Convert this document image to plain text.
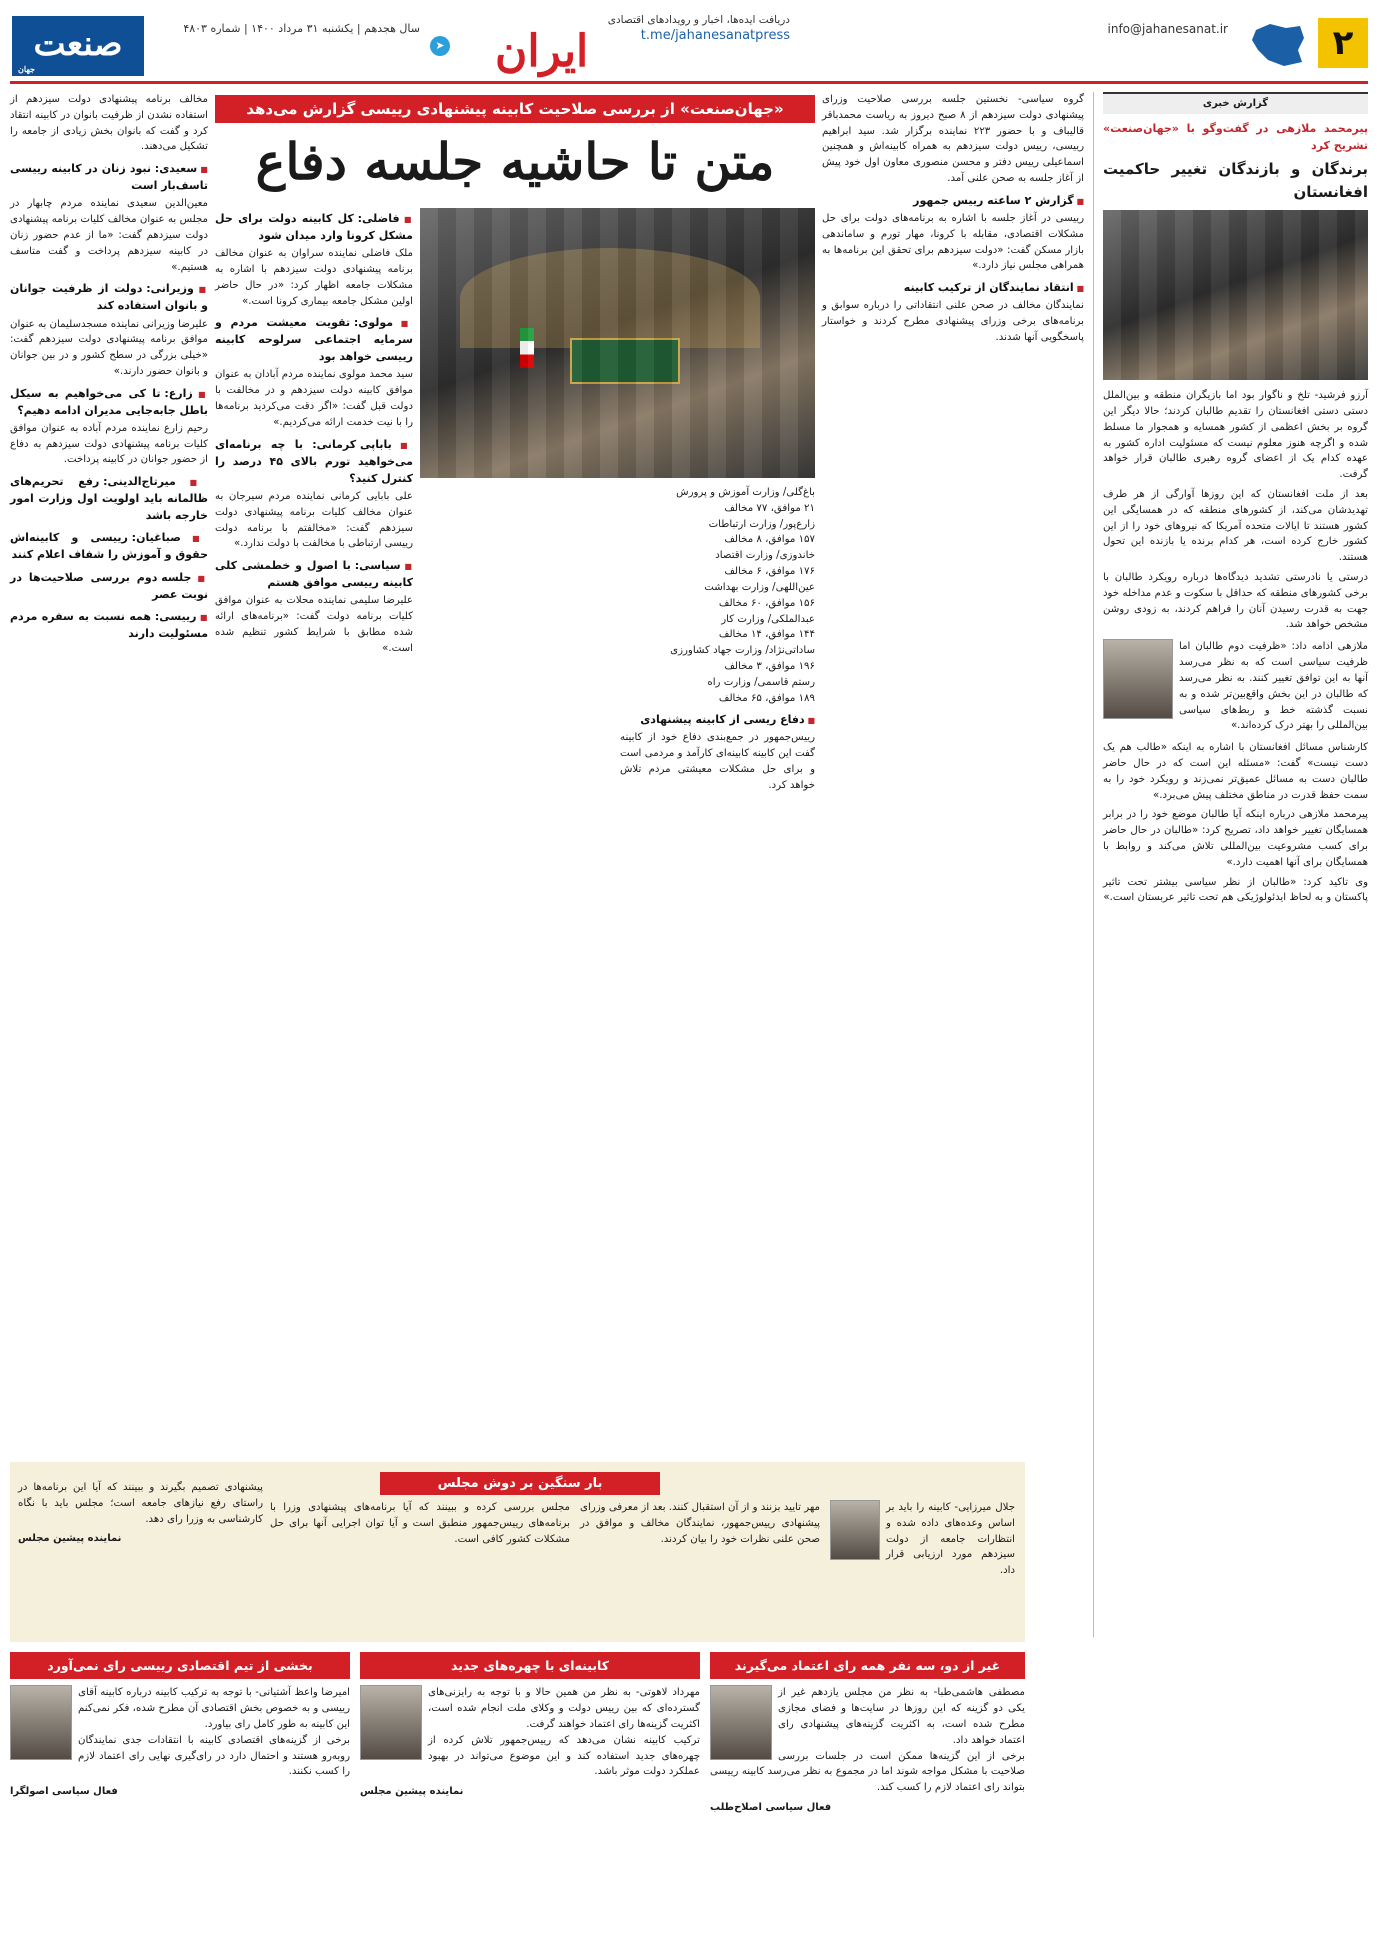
۲
info@jahanesanat.ir
ایران
دریافت ایده‌ها، اخبار و رویدادهای اقتصادی
t.me/jahanesanatpress
➤
سال هجدهم | یکشنبه ۳۱ مرداد ۱۴۰۰ | شماره ۴۸۰۳
صنعت
جهان
گزارش خبری
پیرمحمد ملازهی در گفت‌وگو با «جهان‌صنعت» تشریح کرد
برندگان و بازندگان تغییر حاکمیت افغانستان

آرزو فرشید- تلخ و ناگوار بود اما بازیگران منطقه و بین‌الملل دستی دستی افغانستان را تقدیم طالبان کردند؛ حالا دیگر این گروه بر بخش اعظمی از کشور همسایه و همجوار ما مسلط شده و اگرچه هنوز معلوم نیست که مسئولیت اداره کشور به عهده کدام یک از اعضای گروه رهبری طالبان قرار خواهد گرفت.

بعد از ملت افغانستان که این روزها آوارگی از هر طرف تهدیدشان می‌کند، از کشورهای منطقه که در همسایگی این کشور هستند تا ایالات متحده آمریکا که نیروهای خود را از این کشور خارج کرده است، هر کدام برنده یا بازنده این تحول هستند.

درستی یا نادرستی تشدید دیدگاه‌ها درباره رویکرد طالبان با برخی کشورهای منطقه که حداقل با سکوت و عدم مداخله خود جهت به قدرت رسیدن آنان را فراهم کردند، به زودی روشن مشخص خواهد شد.

ملازهی ادامه داد: «ظرفیت دوم طالبان اما ظرفیت سیاسی است که به نظر می‌رسد آنها به این توافق تغییر کنند. به نظر می‌رسد که طالبان در این بخش واقع‌بین‌تر شده و به نسبت گذشته خط و ربط‌های سیاسی بین‌المللی را بهتر درک کرده‌اند.»

کارشناس مسائل افغانستان با اشاره به اینکه «طالب هم یک دست نیست» گفت: «مسئله این است که در حال حاضر طالبان دست به مسائل عمیق‌تر نمی‌زند و رویکرد خود را به سمت حفظ قدرت در مناطق مختلف پیش می‌برد.»

پیرمحمد ملازهی درباره اینکه آیا طالبان موضع خود را در برابر همسایگان تغییر خواهد داد، تصریح کرد: «طالبان در حال حاضر برای کسب مشروعیت بین‌المللی تلاش می‌کند و روابط با همسایگان برای آنها اهمیت دارد.»

وی تاکید کرد: «طالبان از نظر سیاسی بیشتر تحت تاثیر پاکستان و به لحاظ ایدئولوژیکی هم تحت تاثیر عربستان است.»

«جهان‌صنعت» از بررسی صلاحیت کابینه پیشنهادی رییسی گزارش می‌دهد
متن تا حاشیه جلسه دفاع

گروه سیاسی- نخستین جلسه بررسی صلاحیت وزرای پیشنهادی دولت سیزدهم از ۸ صبح دیروز به ریاست محمدباقر قالیباف و با حضور ۲۲۳ نماینده برگزار شد. سید ابراهیم رییسی، رییس دولت سیزدهم به همراه کابینه‌اش و همچنین اسماعیلی رییس دفتر و محسن منصوری معاون اول خود پیش از آغاز جلسه به صحن علنی آمد.

■ گزارش ۲ ساعته رییس جمهور

رییسی در آغاز جلسه با اشاره به برنامه‌های دولت برای حل مشکلات اقتصادی، مقابله با کرونا، مهار تورم و ساماندهی بازار مسکن گفت: «دولت سیزدهم برای تحقق این برنامه‌ها به همراهی مجلس نیاز دارد.»

■ انتقاد نمایندگان از ترکیب کابینه

نمایندگان مخالف در صحن علنی انتقاداتی را درباره سوابق و برنامه‌های برخی وزرای پیشنهادی مطرح کردند و خواستار پاسخگویی آنها شدند.

باغ‌گلی/ وزارت آموزش و پرورش
۲۱ موافق، ۷۷ مخالف
زارع‌پور/ وزارت ارتباطات
۱۵۷ موافق، ۸ مخالف
خاندوزی/ وزارت اقتصاد
۱۷۶ موافق، ۶ مخالف
عین‌اللهی/ وزارت بهداشت
۱۵۶ موافق، ۶۰ مخالف
عبدالملکی/ وزارت کار
۱۴۴ موافق، ۱۴ مخالف
ساداتی‌نژاد/ وزارت جهاد کشاورزی
۱۹۶ موافق، ۳ مخالف
رستم قاسمی/ وزارت راه
۱۸۹ موافق، ۶۵ مخالف
■ دفاع ریسی از کابینه پیشنهادی

رییس‌جمهور در جمع‌بندی دفاع خود از کابینه گفت این کابینه کابینه‌ای کارآمد و مردمی است و برای حل مشکلات معیشتی مردم تلاش خواهد کرد.

■ فاضلی: کل کابینه دولت برای حل مشکل کرونا وارد میدان شود

ملک فاضلی نماینده سراوان به عنوان مخالف برنامه پیشنهادی دولت سیزدهم با اشاره به مشکلات جامعه اظهار کرد: «در حال حاضر اولین مشکل جامعه بیماری کرونا است.»

■ مولوی: تقویت معیشت مردم و سرمایه اجتماعی سرلوحه کابینه رییسی خواهد بود

سید محمد مولوی نماینده مردم آبادان به عنوان موافق کابینه دولت سیزدهم و در مخالفت با دولت قبل گفت: «اگر دقت می‌کردید برنامه‌ها را با نیت خدمت ارائه می‌کردیم.»

■ باباپی کرمانی: با چه برنامه‌ای می‌خواهید تورم بالای ۴۵ درصد را کنترل کنید؟

علی بابایی کرمانی نماینده مردم سیرجان به عنوان مخالف کلیات برنامه پیشنهادی دولت سیزدهم گفت: «مخالفتم با برنامه دولت رییسی ارتباطی با مخالفت با دولت ندارد.»

■ سیاسی: با اصول و خطمشی کلی کابینه رییسی موافق هستم

علیرضا سلیمی نماینده محلات به عنوان موافق کلیات برنامه دولت گفت: «برنامه‌های ارائه شده مطابق با شرایط کشور تنظیم شده است.»

مخالف برنامه پیشنهادی دولت سیزدهم از استفاده نشدن از ظرفیت بانوان در کابینه انتقاد کرد و گفت که بانوان بخش زیادی از جامعه را تشکیل می‌دهند.

■ سعیدی: نبود زنان در کابینه رییسی تاسف‌بار است

معین‌الدین سعیدی نماینده مردم چابهار در مجلس به عنوان مخالف کلیات برنامه پیشنهادی دولت سیزدهم گفت: «ما از عدم حضور زنان در کابینه سیزدهم پرداخت و گفت متاسف هستیم.»

■ وزیرانی: دولت از ظرفیت جوانان و بانوان استفاده کند

علیرضا وزیرانی نماینده مسجدسلیمان به عنوان موافق برنامه پیشنهادی دولت سیزدهم گفت: «خیلی بزرگی در سطح کشور و در بین جوانان و بانوان حضور دارند.»

■ زارع: تا کی می‌خواهیم به سیکل باطل جابه‌جایی مدیران ادامه دهیم؟

رحیم زارع نماینده مردم آباده به عنوان موافق کلیات برنامه پیشنهادی دولت سیزدهم به دفاع از حضور جوانان در کابینه پرداخت.

■ میرتاج‌الدینی: رفع تحریم‌های ظالمانه باید اولویت اول وزارت امور خارجه باشد
■ صباغیان: رییسی و کابینه‌اش حقوق و آموزش را شفاف اعلام کنند
■ جلسه دوم بررسی صلاحیت‌ها در نوبت عصر
■ رییسی: همه نسبت به سفره مردم مسئولیت دارند
بار سنگین بر دوش مجلس

جلال میرزایی- کابینه را باید بر اساس وعده‌های داده شده و انتظارات جامعه از دولت سیزدهم مورد ارزیابی قرار داد.

مهر تایید بزنند و از آن استقبال کنند. بعد از معرفی وزرای پیشنهادی رییس‌جمهور، نمایندگان مخالف و موافق در صحن علنی نظرات خود را بیان کردند.
مجلس بررسی کرده و ببینند که آیا برنامه‌های پیشنهادی وزرا با برنامه‌های رییس‌جمهور منطبق است و آیا توان اجرایی آنها برای حل مشکلات کشور کافی است.

پیشنهادی تصمیم بگیرند و ببینند که آیا این برنامه‌ها در راستای رفع نیازهای جامعه است؛ مجلس باید با نگاه کارشناسی به وزرا رای دهد.

نماینده پیشین مجلس
غیر از دو، سه نفر همه رای اعتماد می‌گیرند

مصطفی هاشمی‌طبا- به نظر من مجلس یازدهم غیر از یکی دو گزینه که این روزها در سایت‌ها و فضای مجازی مطرح شده است، به اکثریت گزینه‌های پیشنهادی رای اعتماد خواهد داد.

برخی از این گزینه‌ها ممکن است در جلسات بررسی صلاحیت با مشکل مواجه شوند اما در مجموع به نظر می‌رسد کابینه رییسی بتواند رای اعتماد لازم را کسب کند.

فعال سیاسی اصلاح‌طلب
کابینه‌ای با چهره‌های جدید

مهرداد لاهوتی- به نظر من همین حالا و با توجه به رایزنی‌های گسترده‌ای که بین رییس دولت و وکلای ملت انجام شده است، اکثریت گزینه‌ها رای اعتماد خواهند گرفت.

ترکیب کابینه نشان می‌دهد که رییس‌جمهور تلاش کرده از چهره‌های جدید استفاده کند و این موضوع می‌تواند در بهبود عملکرد دولت موثر باشد.

نماینده پیشین مجلس
بخشی از تیم اقتصادی رییسی رای نمی‌آورد

امیرضا واعظ آشتیانی- با توجه به ترکیب کابینه درباره کابینه آقای رییسی و به خصوص بخش اقتصادی آن مطرح شده، فکر نمی‌کنم این کابینه به طور کامل رای بیاورد.

برخی از گزینه‌های اقتصادی کابینه با انتقادات جدی نمایندگان روبه‌رو هستند و احتمال دارد در رای‌گیری نهایی رای اعتماد لازم را کسب نکنند.

فعال سیاسی اصولگرا
